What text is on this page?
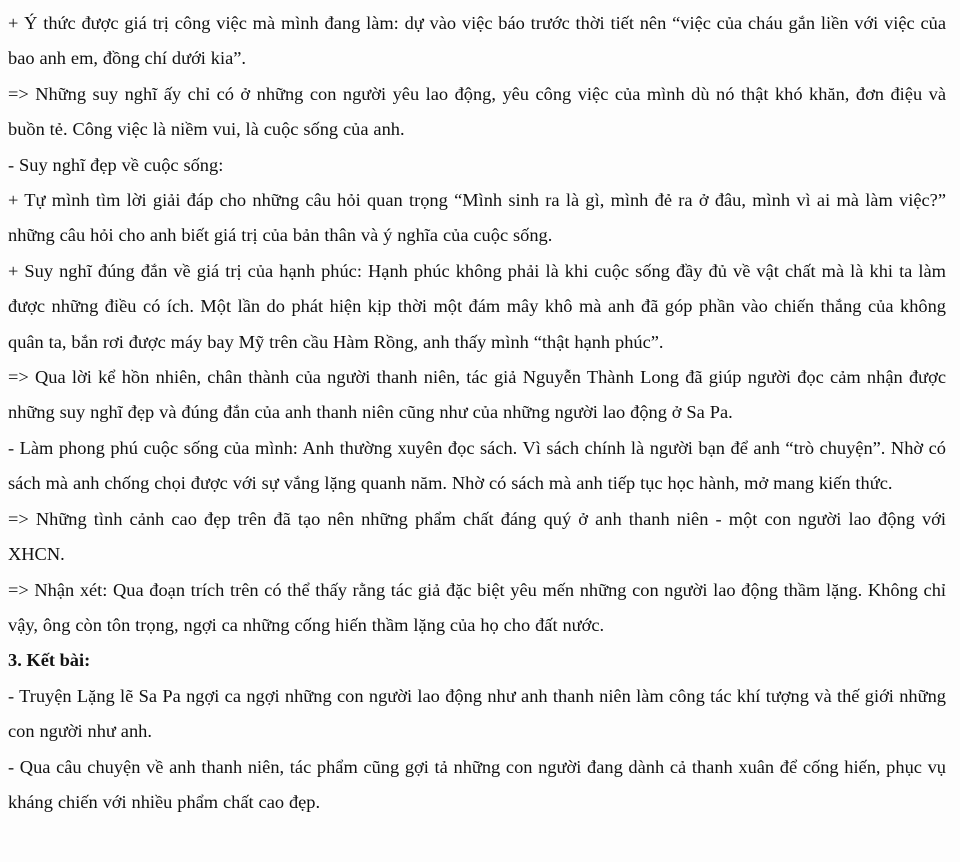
+ Ý thức được giá trị công việc mà mình đang làm: dự vào việc báo trước thời tiết nên “việc của cháu gắn liền với việc của bao anh em, đồng chí dưới kia”.

=> Những suy nghĩ ấy chỉ có ở những con người yêu lao động, yêu công việc của mình dù nó thật khó khăn, đơn điệu và buồn tẻ. Công việc là niềm vui, là cuộc sống của anh.

- Suy nghĩ đẹp về cuộc sống:

+ Tự mình tìm lời giải đáp cho những câu hỏi quan trọng “Mình sinh ra là gì, mình đẻ ra ở đâu, mình vì ai mà làm việc?” những câu hỏi cho anh biết giá trị của bản thân và ý nghĩa của cuộc sống.

+ Suy nghĩ đúng đắn về giá trị của hạnh phúc: Hạnh phúc không phải là khi cuộc sống đầy đủ về vật chất mà là khi ta làm được những điều có ích. Một lần do phát hiện kịp thời một đám mây khô mà anh đã góp phần vào chiến thắng của không quân ta, bắn rơi được máy bay Mỹ trên cầu Hàm Rồng, anh thấy mình “thật hạnh phúc”.

=> Qua lời kể hồn nhiên, chân thành của người thanh niên, tác giả Nguyễn Thành Long đã giúp người đọc cảm nhận được những suy nghĩ đẹp và đúng đắn của anh thanh niên cũng như của những người lao động ở Sa Pa.

- Làm phong phú cuộc sống của mình: Anh thường xuyên đọc sách. Vì sách chính là người bạn để anh “trò chuyện”. Nhờ có sách mà anh chống chọi được với sự vắng lặng quanh năm. Nhờ có sách mà anh tiếp tục học hành, mở mang kiến thức.

=> Những tình cảnh cao đẹp trên đã tạo nên những phẩm chất đáng quý ở anh thanh niên - một con người lao động với XHCN.

=> Nhận xét: Qua đoạn trích trên có thể thấy rằng tác giả đặc biệt yêu mến những con người lao động thầm lặng. Không chỉ vậy, ông còn tôn trọng, ngợi ca những cống hiến thầm lặng của họ cho đất nước.

3. Kết bài:

- Truyện Lặng lẽ Sa Pa ngợi ca ngợi những con người lao động như anh thanh niên làm công tác khí tượng và thế giới những con người như anh.

- Qua câu chuyện về anh thanh niên, tác phẩm cũng gợi tả những con người đang dành cả thanh xuân để cống hiến, phục vụ kháng chiến với nhiều phẩm chất cao đẹp.
